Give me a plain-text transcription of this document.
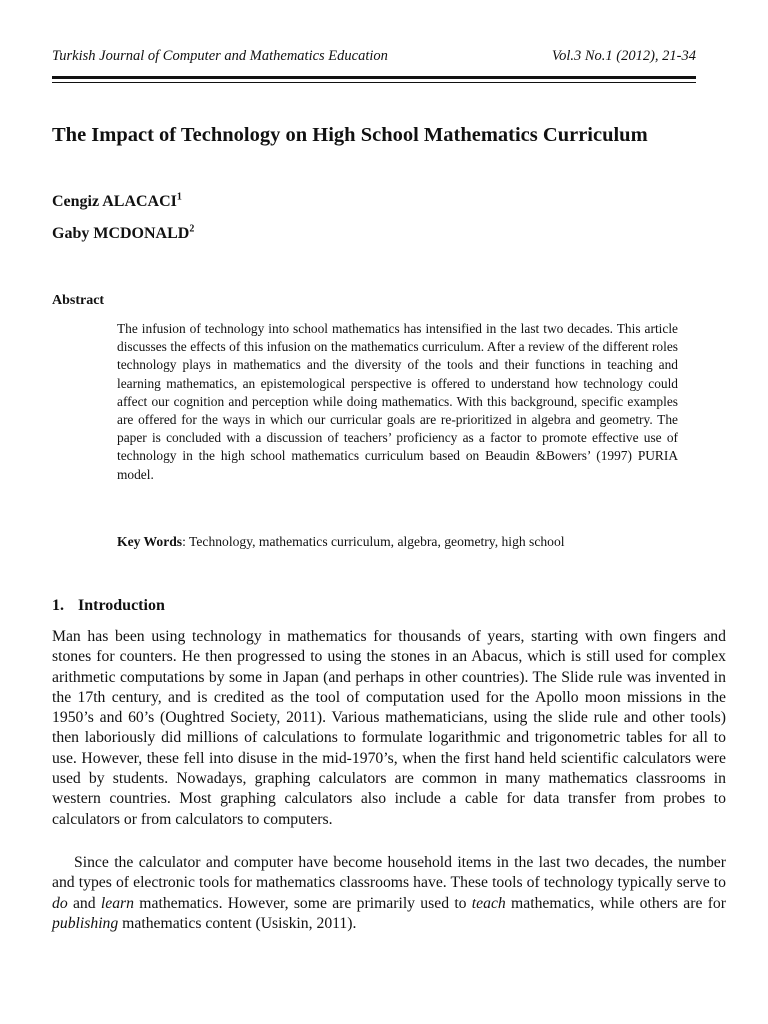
Turkish Journal of Computer and Mathematics Education	Vol.3 No.1 (2012), 21-34
The Impact of Technology on High School Mathematics Curriculum
Cengiz ALACACI$^1$
Gaby MCDONALD$^2$
Abstract

The infusion of technology into school mathematics has intensified in the last two decades. This article discusses the effects of this infusion on the mathematics curriculum. After a review of the different roles technology plays in mathematics and the diversity of the tools and their functions in teaching and learning mathematics, an epistemological perspective is offered to understand how technology could affect our cognition and perception while doing mathematics. With this background, specific examples are offered for the ways in which our curricular goals are re-prioritized in algebra and geometry. The paper is concluded with a discussion of teachers’ proficiency as a factor to promote effective use of technology in the high school mathematics curriculum based on Beaudin &Bowers’ (1997) PURIA model.

Key Words: Technology, mathematics curriculum, algebra, geometry, high school
1. Introduction

Man has been using technology in mathematics for thousands of years, starting with own fingers and stones for counters. He then progressed to using the stones in an Abacus, which is still used for complex arithmetic computations by some in Japan (and perhaps in other countries). The Slide rule was invented in the 17th century, and is credited as the tool of computation used for the Apollo moon missions in the 1950’s and 60’s (Oughtred Society, 2011). Various mathematicians, using the slide rule and other tools) then laboriously did millions of calculations to formulate logarithmic and trigonometric tables for all to use. However, these fell into disuse in the mid-1970’s, when the first hand held scientific calculators were used by students. Nowadays, graphing calculators are common in many mathematics classrooms in western countries. Most graphing calculators also include a cable for data transfer from probes to calculators or from calculators to computers.

Since the calculator and computer have become household items in the last two decades, the number and types of electronic tools for mathematics classrooms have. These tools of technology typically serve to do and learn mathematics. However, some are primarily used to teach mathematics, while others are for publishing mathematics content (Usiskin, 2011).
